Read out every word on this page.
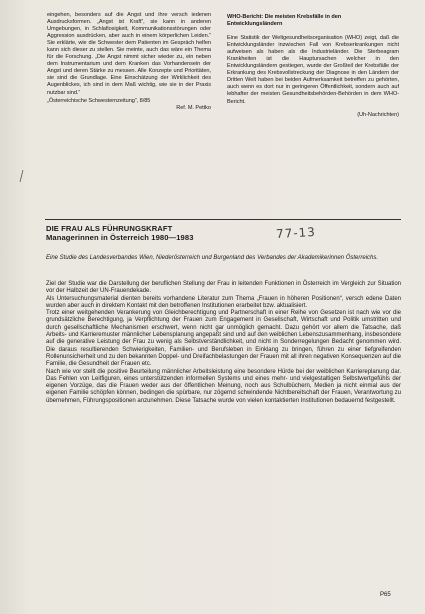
eingehen, besonders auf die Angst und ihre versch iedenen Ausdrucksformen. „Angst ist Kraft“, sie kann in anderen Umgebungen, in Schlafiosigkeit, Kommunikationsstörungen oder Aggression ausdrücken, aber auch in einem körperlichen Leiden.“ Sie erklärte, wie die Schwester dem Patienten im Gespräch helfen kann sich dieser zu stellen. Sie meinte, auch das wäre ein Thema für die Forschung. „Die Angst nimmt sicher wieder zu, ein neben dem Instrumentarium und dem Kranken das Vorhandensein der Angst und deren Stärke zu messen. Alle Konzepte und Prioritäten, sie sind die Grundlage. Eine Einschätzung der Wirklichkeit des Augenblickes, ich sind in dem Maß wichtig, wie sie in der Praxis nutzbar sind.“

„Österreichische Schwesternzeitung“, 8/85
Ref. M. Pettko

WHO-Bericht: Die meisten Krebsfälle in den

Entwicklungsländern

Eine Statistik der Weltgesundheitsorganisation (WHO) zeigt, daß die Entwicklungsländer inzwischen Fall von Krebserkrankungen nicht aufweisen als haben als die Industrieländer. Die Sterbeagram Krankheiten ist die Hauptursachen welcher in den Entwicklungsländern gestiegen, wurde der Großteil der Krebsfälle der Erkrankung des Krebsvollstreckung der Diagnose in den Ländern der Dritten Welt haben bei beiden Aufmerksamkeit betreffen zu gehörten, auch wenn es dort nur in geringeren Öffentlichkeit, sondern auch auf lebhafter der meisten Gesundheitsbehörden-Behörden in dem WHO-Bericht.

(Uh-Nachrichten)
DIE FRAU ALS FÜHRUNGSKRAFT
Managerinnen in Österreich 1980—1983	77-13
Eine Studie des Landesverbandes Wien, Niederösterreich und Burgenland des Verbandes der Akademikerinnen Österreichs.

Ziel der Studie war die Darstellung der beruflichen Stellung der Frau in leitenden Funktionen in Österreich im Vergleich zur Situation vor der Halbzeit der UN-Frauendekade.

Als Untersuchungsmaterial dienten bereits vorhandene Literatur zum Thema „Frauen in höheren Positionen“, versch edene Daten wurden aber auch in direktem Kontakt mit den betroffenen Institutionen erarbeitet bzw. aktualisiert.

Trotz einer weitgehenden Verankerung von Gleichberechtigung und Partnerschaft in einer Reihe von Gesetzen ist nach wie vor die grundsätzliche Berechtigung, ja Verpflichtung der Frauen zum Engagement in Gesellschaft, Wirtschaft und Politik umstritten und durch gesellschaftliche Mechanismen erschwert, wenn nicht gar unmöglich gemacht. Dazu gehört vor allem die Tatsache, daß Arbeits- und Karrieremuster männlicher Lebensplanung angepaßt sind und auf den weiblichen Lebenszusammenhang, insbesondere auf die generative Leistung der Frau zu wenig als Selbstverständlichkeit, und nicht in Sonderregelungen Bedacht genommen wird. Die daraus resultierenden Schwierigkeiten, Familien- und Berufsleben in Einklang zu bringen, führen zu einer tiefgreifenden Rollenunsicherheit und zu den bekannten Doppel- und Dreifachbelastungen der Frauen mit all ihren negativen Konsequenzen auf die Familie, die Gesundheit der Frauen etc.

Nach wie vor stellt die positive Beurteilung männlicher Arbeitsleistung eine besondere Hürde bei der weiblichen Karriereplanung dar. Das Fehlen von Leitfiguren, eines unterstützenden informellen Systems und eines mehr- und vielgestaltigen Selbstwertgefühls der eigenen Vorzüge, das die Frauen weder aus der öffentlichen Meinung, noch aus Schulbüchern, Medien ja nicht einmal aus der eigenen Familie schöpfen können, bedingen die spürbare, nur zögernd schwindende Nichtbereitschaft der Frauen, Verantwortung zu übernehmen, Führungspositionen anzunehmen. Diese Tatsache wurde von vielen kontaktierten Institutionen bedauernd festgestellt.

P65
